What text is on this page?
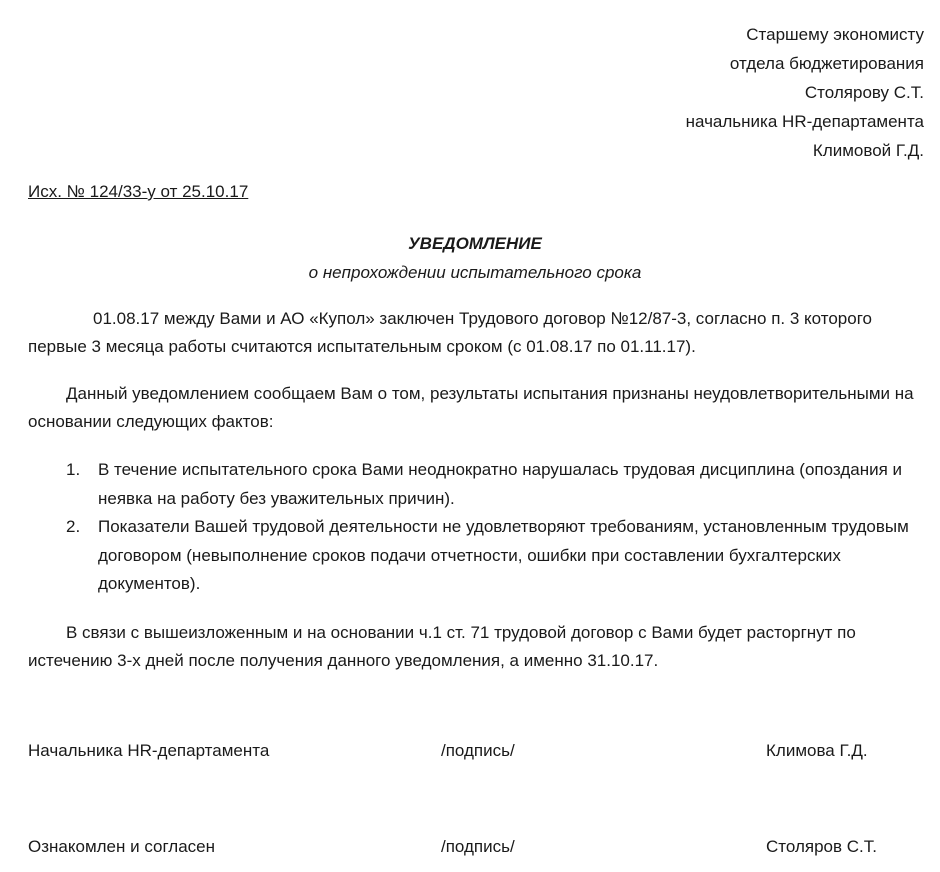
Старшему экономисту
отдела бюджетирования
Столярову С.Т.
начальника HR-департамента
Климовой Г.Д.
Исх. № 124/33-у от 25.10.17
УВЕДОМЛЕНИЕ
о непрохождении испытательного срока

01.08.17 между Вами и АО «Купол» заключен Трудового договор №12/87-3, согласно п. 3 которого первые 3 месяца работы считаются испытательным сроком (с 01.08.17 по 01.11.17).

Данный уведомлением сообщаем Вам о том, результаты испытания признаны неудовлетворительными на основании следующих фактов:

1. В течение испытательного срока Вами неоднократно нарушалась трудовая дисциплина (опоздания и неявка на работу без уважительных причин).
2. Показатели Вашей трудовой деятельности не удовлетворяют требованиям, установленным трудовым договором (невыполнение сроков подачи отчетности, ошибки при составлении бухгалтерских документов).

В связи с вышеизложенным и на основании ч.1 ст. 71 трудовой договор с Вами будет расторгнут по истечению 3-х дней после получения данного уведомления, а именно 31.10.17.

Начальника HR-департамента	/подпись/	Климова Г.Д.
Ознакомлен и согласен	/подпись/	Столяров С.Т.
